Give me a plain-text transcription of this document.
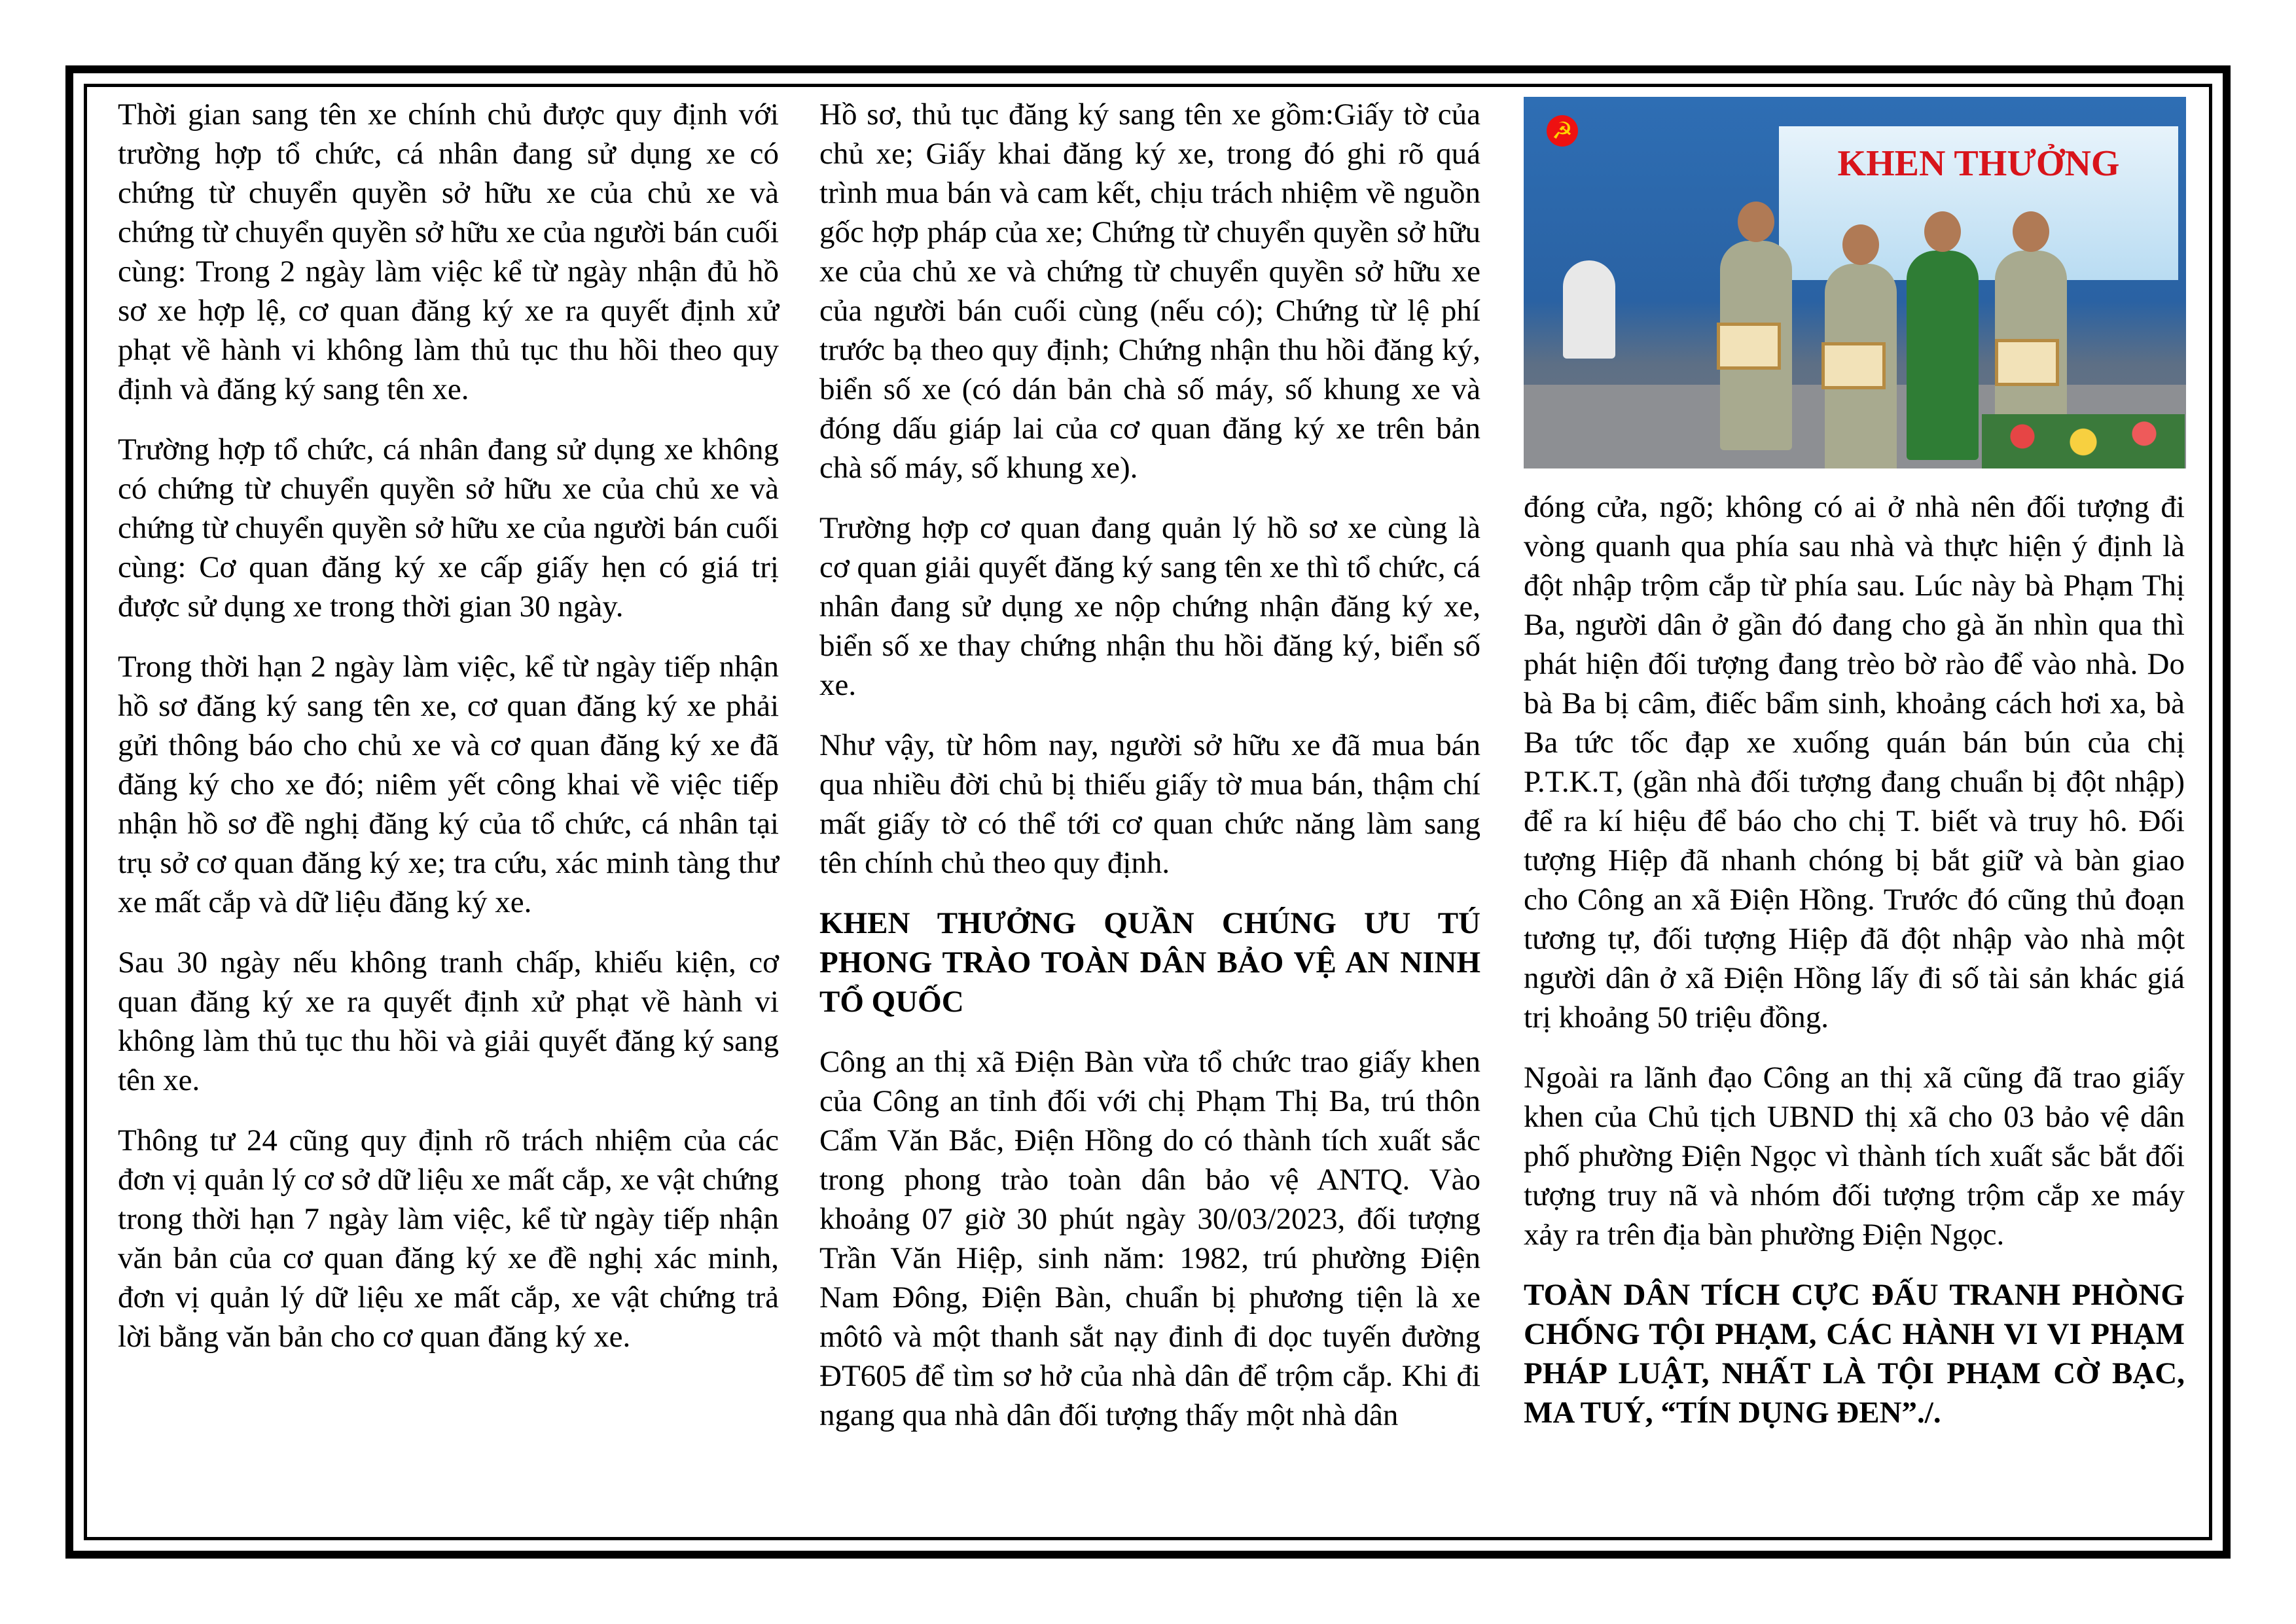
Thời gian sang tên xe chính chủ được quy định với trường hợp tổ chức, cá nhân đang sử dụng xe có chứng từ chuyển quyền sở hữu xe của chủ xe và chứng từ chuyển quyền sở hữu xe của người bán cuối cùng: Trong 2 ngày làm việc kể từ ngày nhận đủ hồ sơ xe hợp lệ, cơ quan đăng ký xe ra quyết định xử phạt về hành vi không làm thủ tục thu hồi theo quy định và đăng ký sang tên xe.

Trường hợp tổ chức, cá nhân đang sử dụng xe không có chứng từ chuyển quyền sở hữu xe của chủ xe và chứng từ chuyển quyền sở hữu xe của người bán cuối cùng: Cơ quan đăng ký xe cấp giấy hẹn có giá trị được sử dụng xe trong thời gian 30 ngày.

Trong thời hạn 2 ngày làm việc, kể từ ngày tiếp nhận hồ sơ đăng ký sang tên xe, cơ quan đăng ký xe phải gửi thông báo cho chủ xe và cơ quan đăng ký xe đã đăng ký cho xe đó; niêm yết công khai về việc tiếp nhận hồ sơ đề nghị đăng ký của tổ chức, cá nhân tại trụ sở cơ quan đăng ký xe; tra cứu, xác minh tàng thư xe mất cắp và dữ liệu đăng ký xe.

Sau 30 ngày nếu không tranh chấp, khiếu kiện, cơ quan đăng ký xe ra quyết định xử phạt về hành vi không làm thủ tục thu hồi và giải quyết đăng ký sang tên xe.

Thông tư 24 cũng quy định rõ trách nhiệm của các đơn vị quản lý cơ sở dữ liệu xe mất cắp, xe vật chứng trong thời hạn 7 ngày làm việc, kể từ ngày tiếp nhận văn bản của cơ quan đăng ký xe đề nghị xác minh, đơn vị quản lý dữ liệu xe mất cắp, xe vật chứng trả lời bằng văn bản cho cơ quan đăng ký xe.

Hồ sơ, thủ tục đăng ký sang tên xe gồm:Giấy tờ của chủ xe; Giấy khai đăng ký xe, trong đó ghi rõ quá trình mua bán và cam kết, chịu trách nhiệm về nguồn gốc hợp pháp của xe; Chứng từ chuyển quyền sở hữu xe của chủ xe và chứng từ chuyển quyền sở hữu xe của người bán cuối cùng (nếu có); Chứng từ lệ phí trước bạ theo quy định; Chứng nhận thu hồi đăng ký, biển số xe (có dán bản chà số máy, số khung xe và đóng dấu giáp lai của cơ quan đăng ký xe trên bản chà số máy, số khung xe).

Trường hợp cơ quan đang quản lý hồ sơ xe cùng là cơ quan giải quyết đăng ký sang tên xe thì tổ chức, cá nhân đang sử dụng xe nộp chứng nhận đăng ký xe, biển số xe thay chứng nhận thu hồi đăng ký, biển số xe.

Như vậy, từ hôm nay, người sở hữu xe đã mua bán qua nhiều đời chủ bị thiếu giấy tờ mua bán, thậm chí mất giấy tờ có thể tới cơ quan chức năng làm sang tên chính chủ theo quy định.

KHEN THƯỞNG QUẦN CHÚNG ƯU TÚ PHONG TRÀO TOÀN DÂN BẢO VỆ AN NINH TỔ QUỐC

Công an thị xã Điện Bàn vừa tổ chức trao giấy khen của Công an tỉnh đối với chị Phạm Thị Ba, trú thôn Cẩm Văn Bắc, Điện Hồng do có thành tích xuất sắc trong phong trào toàn dân bảo vệ ANTQ. Vào khoảng 07 giờ 30 phút ngày 30/03/2023, đối tượng Trần Văn Hiệp, sinh năm: 1982, trú phường Điện Nam Đông, Điện Bàn, chuẩn bị phương tiện là xe môtô và một thanh sắt nạy đinh đi dọc tuyến đường ĐT605 để tìm sơ hở của nhà dân để trộm cắp. Khi đi ngang qua nhà dân đối tượng thấy một nhà dân

☭
KHEN THƯỞNG

đóng cửa, ngõ; không có ai ở nhà nên đối tượng đi vòng quanh qua phía sau nhà và thực hiện ý định là đột nhập trộm cắp từ phía sau. Lúc này bà Phạm Thị Ba, người dân ở gần đó đang cho gà ăn nhìn qua thì phát hiện đối tượng đang trèo bờ rào để vào nhà. Do bà Ba bị câm, điếc bẩm sinh, khoảng cách hơi xa, bà Ba tức tốc đạp xe xuống quán bán bún của chị P.T.K.T, (gần nhà đối tượng đang chuẩn bị đột nhập) để ra kí hiệu để báo cho chị T. biết và truy hô. Đối tượng Hiệp đã nhanh chóng bị bắt giữ và bàn giao cho Công an xã Điện Hồng. Trước đó cũng thủ đoạn tương tự, đối tượng Hiệp đã đột nhập vào nhà một người dân ở xã Điện Hồng lấy đi số tài sản khác giá trị khoảng 50 triệu đồng.

Ngoài ra lãnh đạo Công an thị xã cũng đã trao giấy khen của Chủ tịch UBND thị xã cho 03 bảo vệ dân phố phường Điện Ngọc vì thành tích xuất sắc bắt đối tượng truy nã và nhóm đối tượng trộm cắp xe máy xảy ra trên địa bàn phường Điện Ngọc.

TOÀN DÂN TÍCH CỰC ĐẤU TRANH PHÒNG CHỐNG TỘI PHẠM, CÁC HÀNH VI VI PHẠM PHÁP LUẬT, NHẤT LÀ TỘI PHẠM CỜ BẠC, MA TUÝ, “TÍN DỤNG ĐEN”./.
